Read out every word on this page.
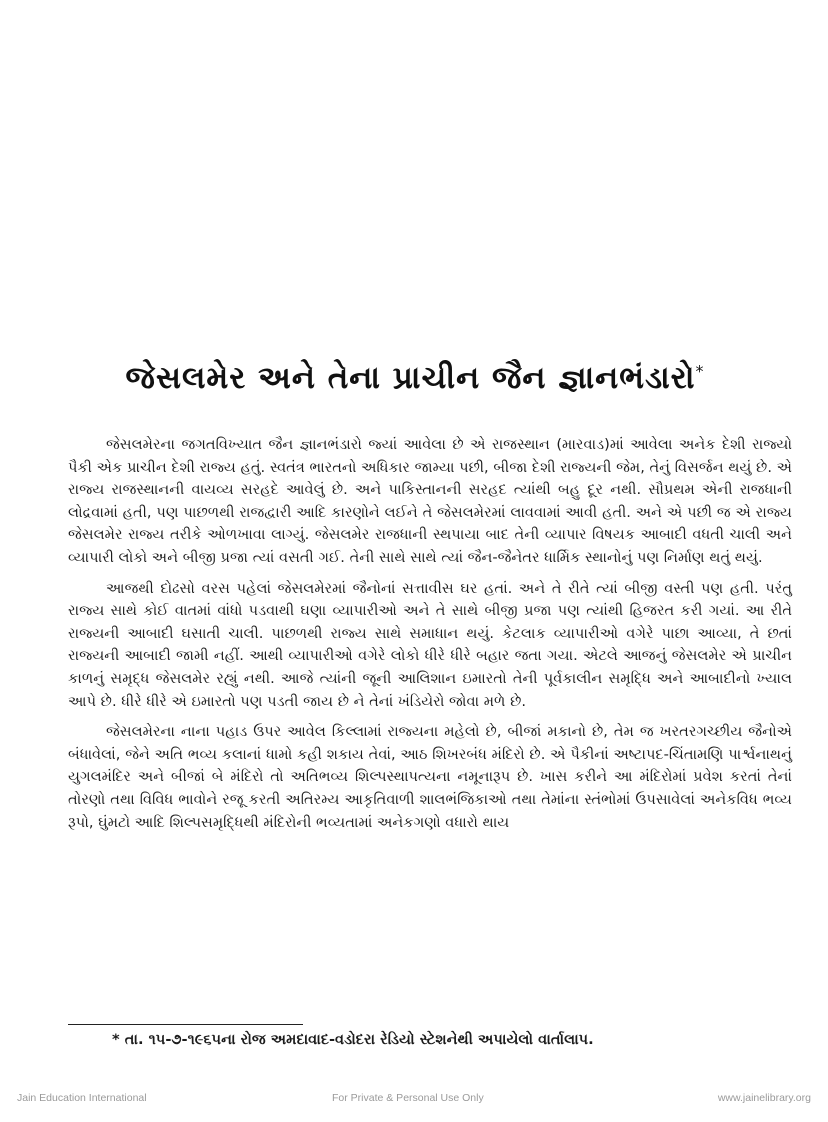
જેસલમેર અને તેના પ્રાચીન જૈન જ્ઞાનભંડારો*

જેસલમેરના જગતવિખ્યાત જૈન જ્ઞાનભંડારો જ્યાં આવેલા છે એ રાજસ્થાન (મારવાડ)માં આવેલા અનેક દેશી રાજ્યો પૈકી એક પ્રાચીન દેશી રાજ્ય હતું. સ્વતંત્ર ભારતનો અધિકાર જામ્યા પછી, બીજા દેશી રાજ્યની જેમ, તેનું વિસર્જન થયું છે. એ રાજ્ય રાજસ્થાનની વાયવ્ય સરહદે આવેલું છે. અને પાકિસ્તાનની સરહદ ત્યાંથી બહુ દૂર નથી. સૌપ્રથમ એની રાજધાની લોદ્રવામાં હતી, પણ પાછળથી રાજદ્વારી આદિ કારણોને લઈને તે જેસલમેરમાં લાવવામાં આવી હતી. અને એ પછી જ એ રાજ્ય જેસલમેર રાજ્ય તરીકે ઓળખાવા લાગ્યું. જેસલમેર રાજધાની સ્થપાયા બાદ તેની વ્યાપાર વિષયક આબાદી વધતી ચાલી અને વ્યાપારી લોકો અને બીજી પ્રજા ત્યાં વસતી ગઈ. તેની સાથે સાથે ત્યાં જૈન-જૈનેતર ધાર્મિક સ્થાનોનું પણ નિર્માણ થતું થયું.

આજથી દોઢસો વરસ પહેલાં જેસલમેરમાં જૈનોનાં સત્તાવીસ ઘર હતાં. અને તે રીતે ત્યાં બીજી વસ્તી પણ હતી. પરંતુ રાજ્ય સાથે કોઈ વાતમાં વાંધો પડવાથી ઘણા વ્યાપારીઓ અને તે સાથે બીજી પ્રજા પણ ત્યાંથી હિજરત કરી ગયાં. આ રીતે રાજ્યની આબાદી ઘસાતી ચાલી. પાછળથી રાજ્ય સાથે સમાધાન થયું. કેટલાક વ્યાપારીઓ વગેરે પાછા આવ્યા, તે છતાં રાજ્યની આબાદી જામી નહીં. આથી વ્યાપારીઓ વગેરે લોકો ધીરે ધીરે બહાર જતા ગયા. એટલે આજનું જેસલમેર એ પ્રાચીન કાળનું સમૃદ્ધ જેસલમેર રહ્યું નથી. આજે ત્યાંની જૂની આલિશાન ઇમારતો તેની પૂર્વકાલીન સમૃદ્ધિ અને આબાદીનો ખ્યાલ આપે છે. ધીરે ધીરે એ ઇમારતો પણ પડતી જાય છે ને તેનાં ખંડિયેરો જોવા મળે છે.

જેસલમેરના નાના પહાડ ઉપર આવેલ કિલ્લામાં રાજ્યના મહેલો છે, બીજાં મકાનો છે, તેમ જ ખરતરગચ્છીય જૈનોએ બંધાવેલાં, જેને અતિ ભવ્ય કલાનાં ધામો કહી શકાય તેવાં, આઠ શિખરબંધ મંદિરો છે. એ પૈકીનાં અષ્ટાપદ-ચિંતામણિ પાર્શ્વનાથનું યુગલમંદિર અને બીજાં બે મંદિરો તો અતિભવ્ય શિલ્પસ્થાપત્યના નમૂનારૂપ છે. ખાસ કરીને આ મંદિરોમાં પ્રવેશ કરતાં તેનાં તોરણો તથા વિવિધ ભાવોને રજૂ કરતી અતિરમ્ય આકૃતિવાળી શાલભંજિકાઓ તથા તેમાંના સ્તંભોમાં ઉપસાવેલાં અનેકવિધ ભવ્ય રૂપો, ઘુંમટો આદિ શિલ્પસમૃદ્ધિથી મંદિરોની ભવ્યતામાં અનેકગણો વધારો થાય

* તા. ૧૫-૭-૧૯૬૫ના રોજ અમદાવાદ-વડોદરા રેડિયો સ્ટેશનેથી અપાયેલો વાર્તાલાપ.
Jain Education International	For Private & Personal Use Only	www.jainelibrary.org
